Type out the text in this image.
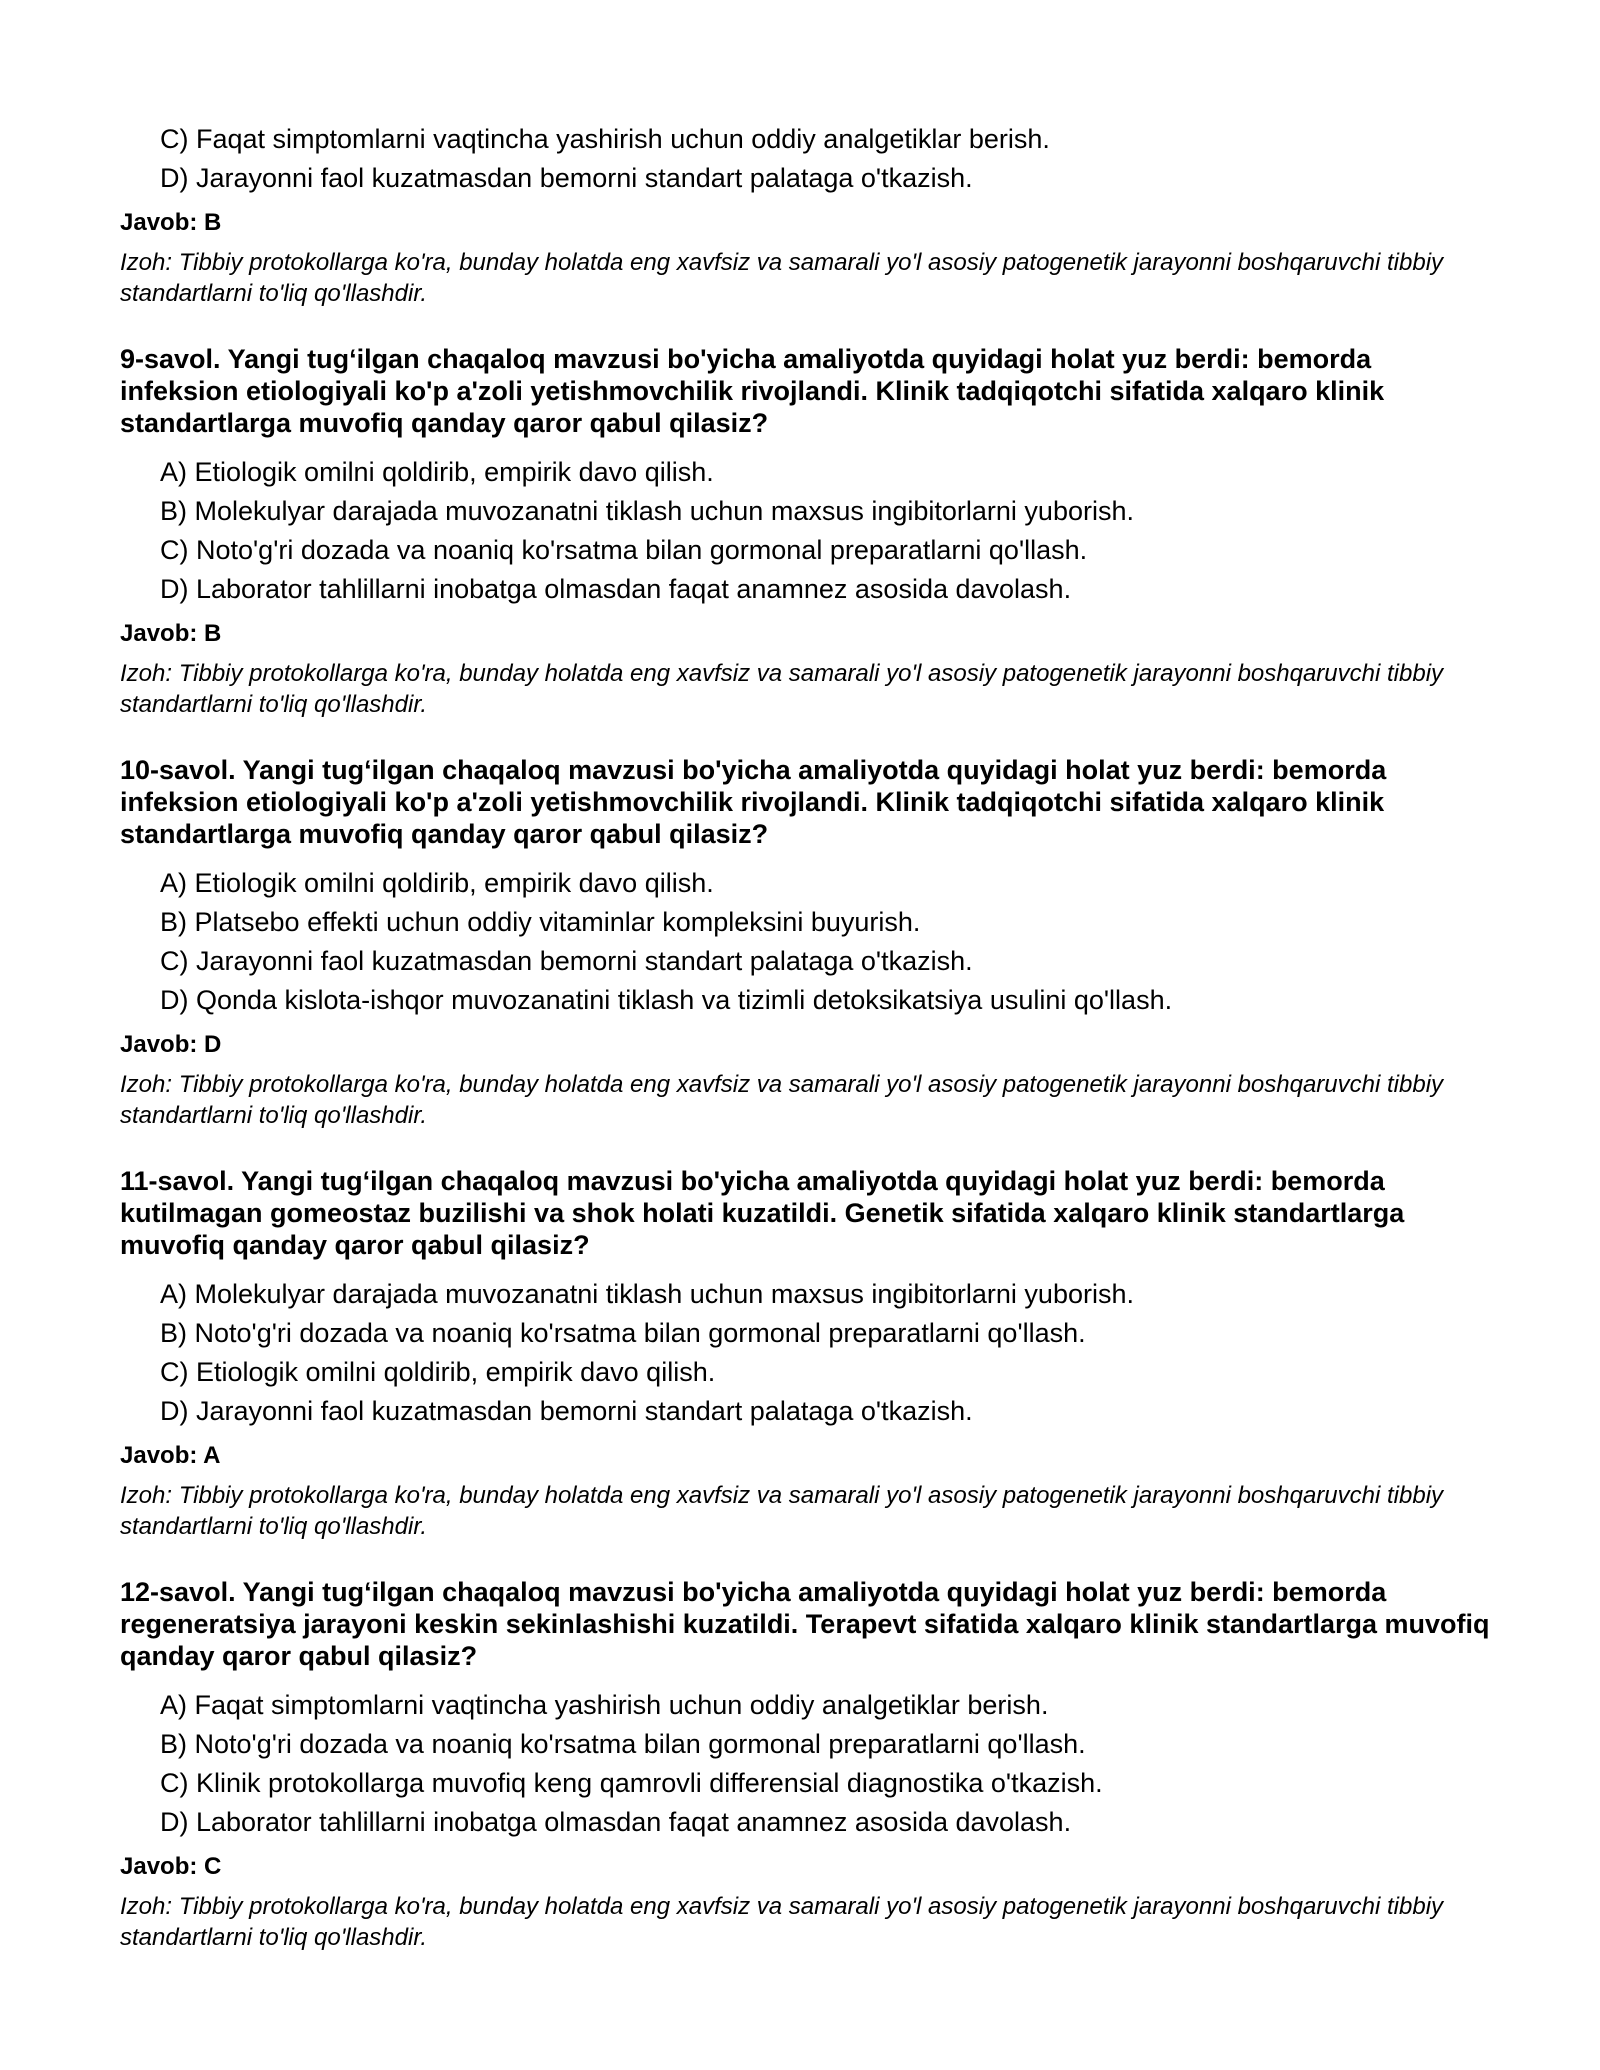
C) Faqat simptomlarni vaqtincha yashirish uchun oddiy analgetiklar berish.
D) Jarayonni faol kuzatmasdan bemorni standart palataga o'tkazish.

Javob: B

Izoh: Tibbiy protokollarga ko'ra, bunday holatda eng xavfsiz va samarali yo'l asosiy patogenetik jarayonni boshqaruvchi tibbiy standartlarni to'liq qo'llashdir.

9-savol. Yangi tug‘ilgan chaqaloq mavzusi bo'yicha amaliyotda quyidagi holat yuz berdi: bemorda infeksion etiologiyali ko'p a'zoli yetishmovchilik rivojlandi. Klinik tadqiqotchi sifatida xalqaro klinik standartlarga muvofiq qanday qaror qabul qilasiz?

A) Etiologik omilni qoldirib, empirik davo qilish.
B) Molekulyar darajada muvozanatni tiklash uchun maxsus ingibitorlarni yuborish.
C) Noto'g'ri dozada va noaniq ko'rsatma bilan gormonal preparatlarni qo'llash.
D) Laborator tahlillarni inobatga olmasdan faqat anamnez asosida davolash.

Javob: B

Izoh: Tibbiy protokollarga ko'ra, bunday holatda eng xavfsiz va samarali yo'l asosiy patogenetik jarayonni boshqaruvchi tibbiy standartlarni to'liq qo'llashdir.

10-savol. Yangi tug‘ilgan chaqaloq mavzusi bo'yicha amaliyotda quyidagi holat yuz berdi: bemorda infeksion etiologiyali ko'p a'zoli yetishmovchilik rivojlandi. Klinik tadqiqotchi sifatida xalqaro klinik standartlarga muvofiq qanday qaror qabul qilasiz?

A) Etiologik omilni qoldirib, empirik davo qilish.
B) Platsebo effekti uchun oddiy vitaminlar kompleksini buyurish.
C) Jarayonni faol kuzatmasdan bemorni standart palataga o'tkazish.
D) Qonda kislota-ishqor muvozanatini tiklash va tizimli detoksikatsiya usulini qo'llash.

Javob: D

Izoh: Tibbiy protokollarga ko'ra, bunday holatda eng xavfsiz va samarali yo'l asosiy patogenetik jarayonni boshqaruvchi tibbiy standartlarni to'liq qo'llashdir.

11-savol. Yangi tug‘ilgan chaqaloq mavzusi bo'yicha amaliyotda quyidagi holat yuz berdi: bemorda kutilmagan gomeostaz buzilishi va shok holati kuzatildi. Genetik sifatida xalqaro klinik standartlarga muvofiq qanday qaror qabul qilasiz?

A) Molekulyar darajada muvozanatni tiklash uchun maxsus ingibitorlarni yuborish.
B) Noto'g'ri dozada va noaniq ko'rsatma bilan gormonal preparatlarni qo'llash.
C) Etiologik omilni qoldirib, empirik davo qilish.
D) Jarayonni faol kuzatmasdan bemorni standart palataga o'tkazish.

Javob: A

Izoh: Tibbiy protokollarga ko'ra, bunday holatda eng xavfsiz va samarali yo'l asosiy patogenetik jarayonni boshqaruvchi tibbiy standartlarni to'liq qo'llashdir.

12-savol. Yangi tug‘ilgan chaqaloq mavzusi bo'yicha amaliyotda quyidagi holat yuz berdi: bemorda regeneratsiya jarayoni keskin sekinlashishi kuzatildi. Terapevt sifatida xalqaro klinik standartlarga muvofiq qanday qaror qabul qilasiz?

A) Faqat simptomlarni vaqtincha yashirish uchun oddiy analgetiklar berish.
B) Noto'g'ri dozada va noaniq ko'rsatma bilan gormonal preparatlarni qo'llash.
C) Klinik protokollarga muvofiq keng qamrovli differensial diagnostika o'tkazish.
D) Laborator tahlillarni inobatga olmasdan faqat anamnez asosida davolash.

Javob: C

Izoh: Tibbiy protokollarga ko'ra, bunday holatda eng xavfsiz va samarali yo'l asosiy patogenetik jarayonni boshqaruvchi tibbiy standartlarni to'liq qo'llashdir.
